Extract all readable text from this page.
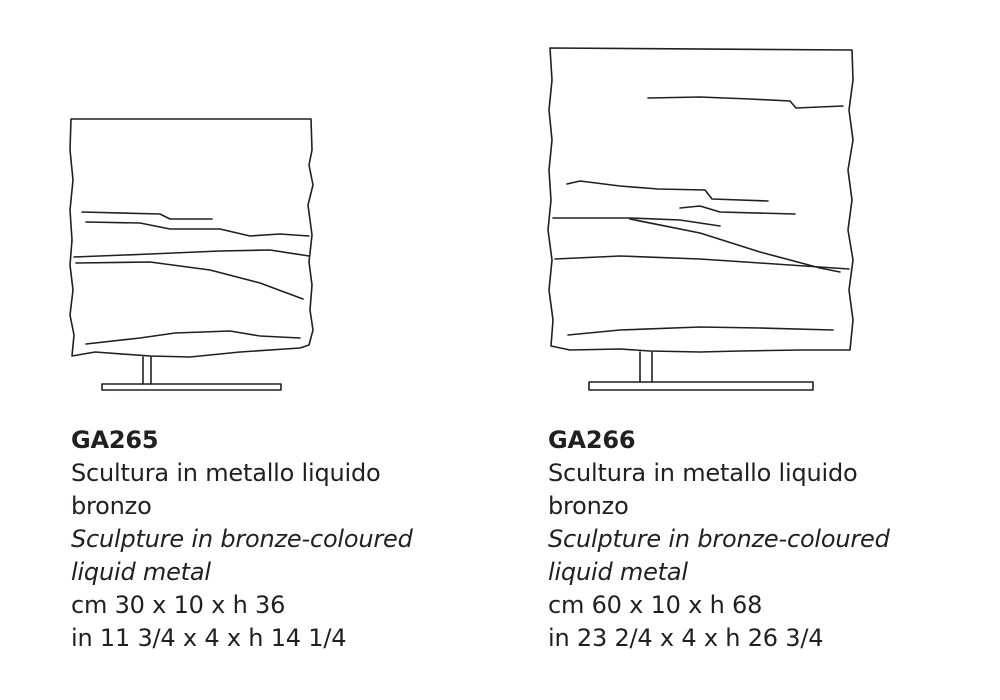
GA265
Scultura in metallo liquido
bronzo
Sculpture in bronze-coloured
liquid metal
cm 30 x 10 x h 36
in 11 3/4 x 4 x h 14 1/4
GA266
Scultura in metallo liquido
bronzo
Sculpture in bronze-coloured
liquid metal
cm 60 x 10 x h 68
in 23 2/4 x 4 x h 26 3/4
